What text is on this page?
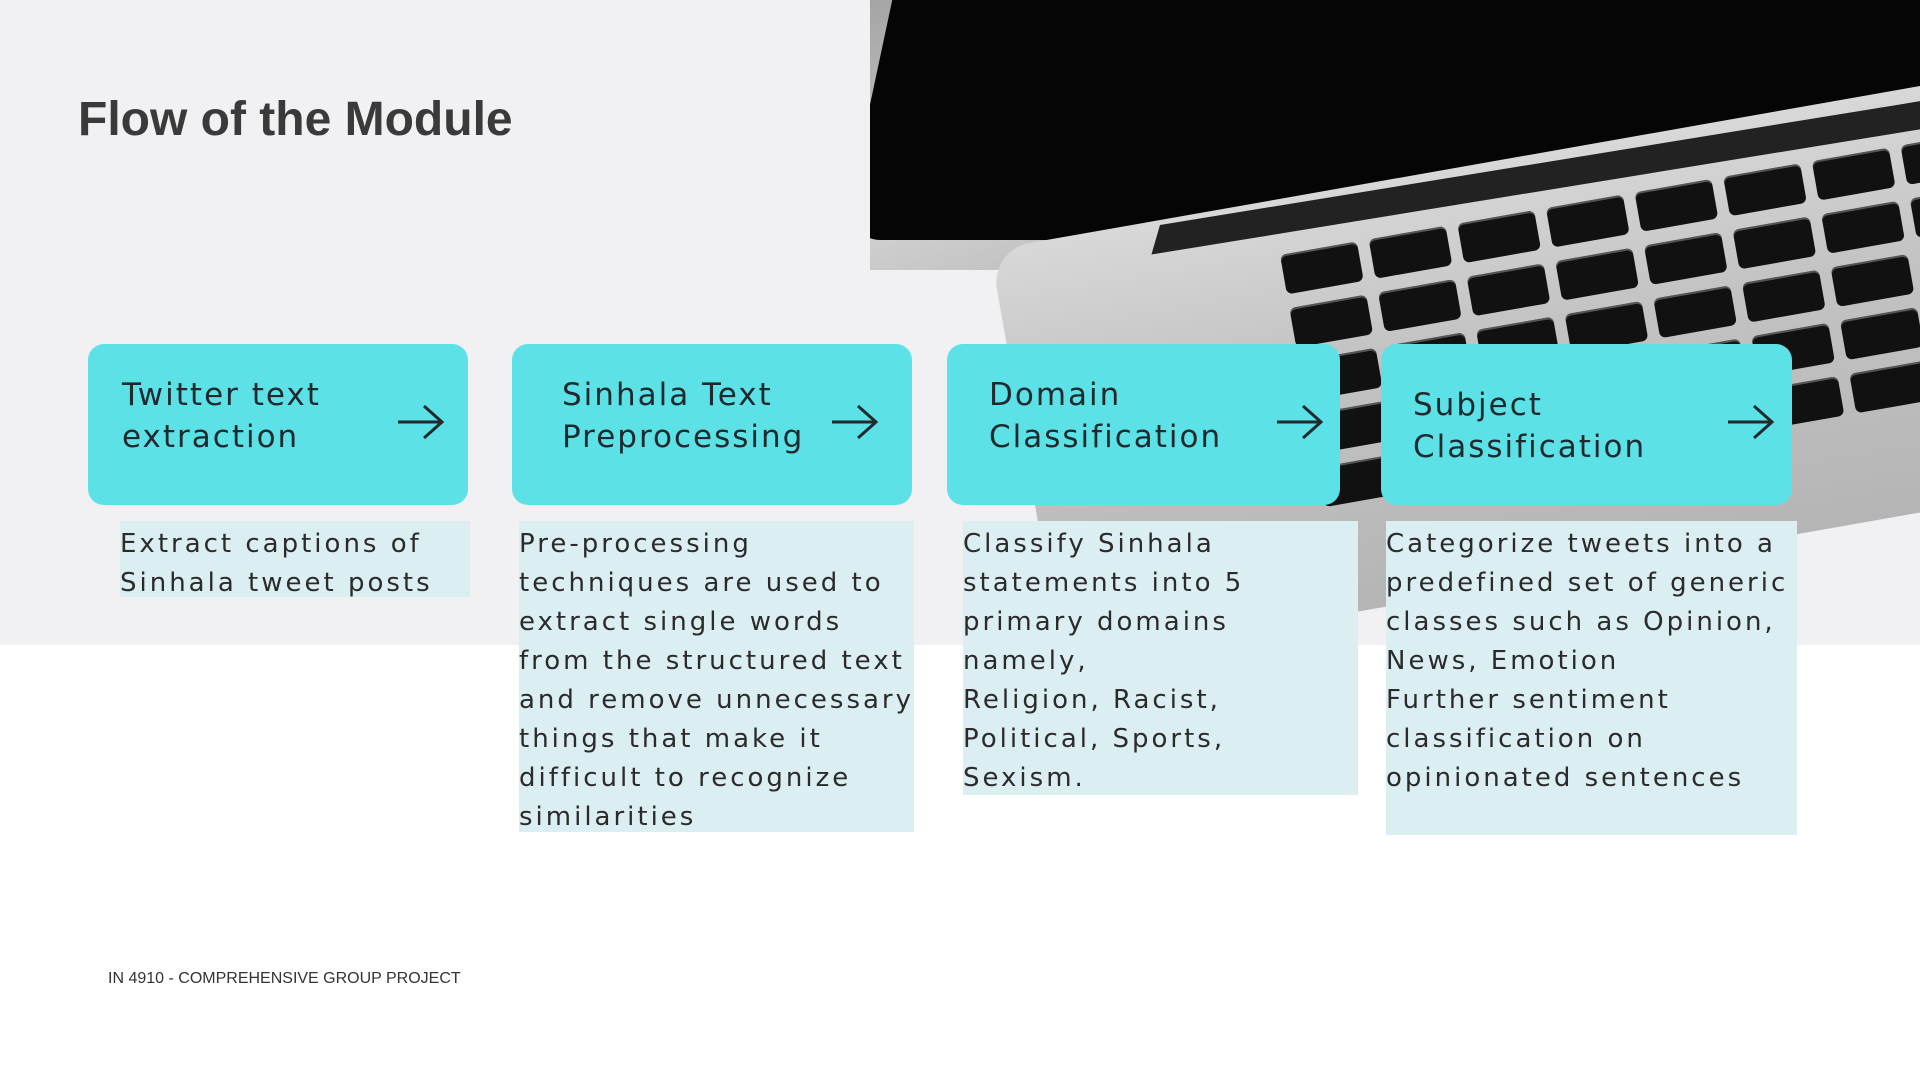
Flow of the Module

Twitter text
extraction

Extract captions of
Sinhala tweet posts

Sinhala Text
Preprocessing

Pre-processing
techniques are used to
extract single words
from the structured text
and remove unnecessary
things that make it
difficult to recognize
similarities

Domain
Classification

Classify Sinhala
statements into 5
primary domains
namely,
Religion, Racist,
Political, Sports,
Sexism.

Subject
Classification

Categorize tweets into a
predefined set of generic
classes such as Opinion,
News, Emotion
Further sentiment
classification on
opinionated sentences

IN 4910 - COMPREHENSIVE GROUP PROJECT
